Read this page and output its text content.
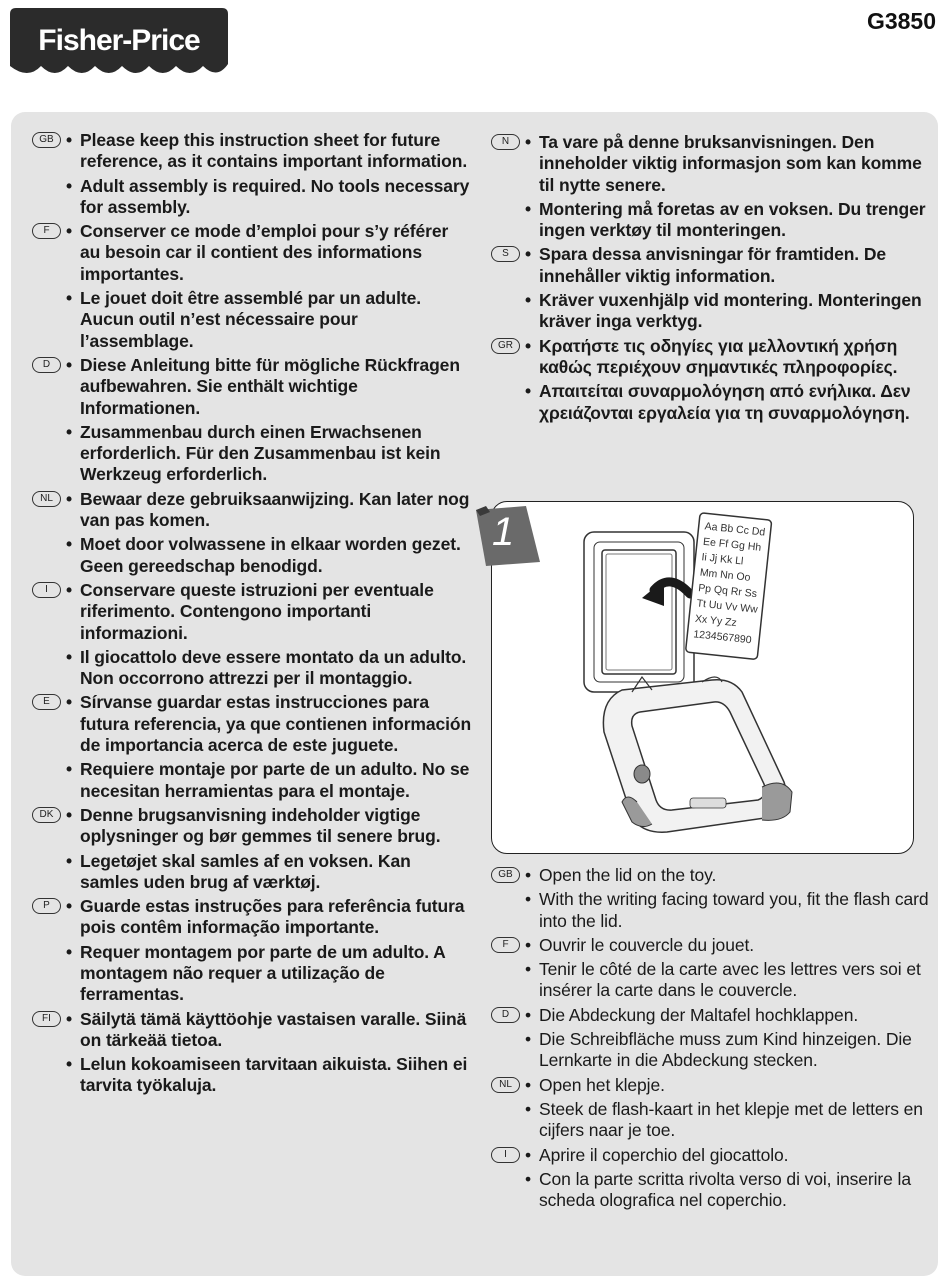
Fisher-Price
G3850
GB	• Please keep this instruction sheet for future reference, as it contains important information.

• Adult assembly is required. No tools necessary for assembly.

F	• Conserver ce mode d’emploi pour s’y référer au besoin car il contient des informations importantes.

• Le jouet doit être assemblé par un adulte. Aucun outil n’est nécessaire pour l’assemblage.

D	• Diese Anleitung bitte für mögliche Rückfragen aufbewahren. Sie enthält wichtige Informationen.

• Zusammenbau durch einen Erwachsenen erforderlich. Für den Zusammenbau ist kein Werkzeug erforderlich.

NL	• Bewaar deze gebruiksaanwijzing. Kan later nog van pas komen.

• Moet door volwassene in elkaar worden gezet. Geen gereedschap benodigd.

I	• Conservare queste istruzioni per eventuale riferimento. Contengono importanti informazioni.

• Il giocattolo deve essere montato da un adulto. Non occorrono attrezzi per il montaggio.

E	• Sírvanse guardar estas instrucciones para futura referencia, ya que contienen información de importancia acerca de este juguete.

• Requiere montaje por parte de un adulto. No se necesitan herramientas para el montaje.

DK	• Denne brugsanvisning indeholder vigtige oplysninger og bør gemmes til senere brug.

• Legetøjet skal samles af en voksen. Kan samles uden brug af værktøj.

P	• Guarde estas instruções para referência futura pois contêm informação importante.

• Requer montagem por parte de um adulto. A montagem não requer a utilização de ferramentas.

FI	• Säilytä tämä käyttöohje vastaisen varalle. Siinä on tärkeää tietoa.

• Lelun kokoamiseen tarvitaan aikuista. Siihen ei tarvita työkaluja.

N	• Ta vare på denne bruksanvisningen. Den inneholder viktig informasjon som kan komme til nytte senere.

• Montering må foretas av en voksen. Du trenger ingen verktøy til monteringen.

S	• Spara dessa anvisningar för framtiden. De innehåller viktig information.

• Kräver vuxenhjälp vid montering. Monteringen kräver inga verktyg.

GR	• Κρατήστε τις οδηγίες για μελλοντική χρήση καθώς περιέχουν σημαντικές πληροφορίες.

• Απαιτείται συναρμολόγηση από ενήλικα. Δεν χρειάζονται εργαλεία για τη συναρμολόγηση.

Aa Bb Cc Dd
Ee Ff Gg Hh
Ii Jj Kk Ll
Mm Nn Oo
Pp Qq Rr Ss
Tt Uu Vv Ww
Xx Yy Zz
1234567890
1
GB	• Open the lid on the toy.

• With the writing facing toward you, fit the flash card into the lid.

F	• Ouvrir le couvercle du jouet.

• Tenir le côté de la carte avec les lettres vers soi et insérer la carte dans le couvercle.

D	• Die Abdeckung der Maltafel hochklappen.

• Die Schreibfläche muss zum Kind hinzeigen. Die Lernkarte in die Abdeckung stecken.

NL	• Open het klepje.

• Steek de flash-kaart in het klepje met de letters en cijfers naar je toe.

I	• Aprire il coperchio del giocattolo.

• Con la parte scritta rivolta verso di voi, inserire la scheda olografica nel coperchio.
